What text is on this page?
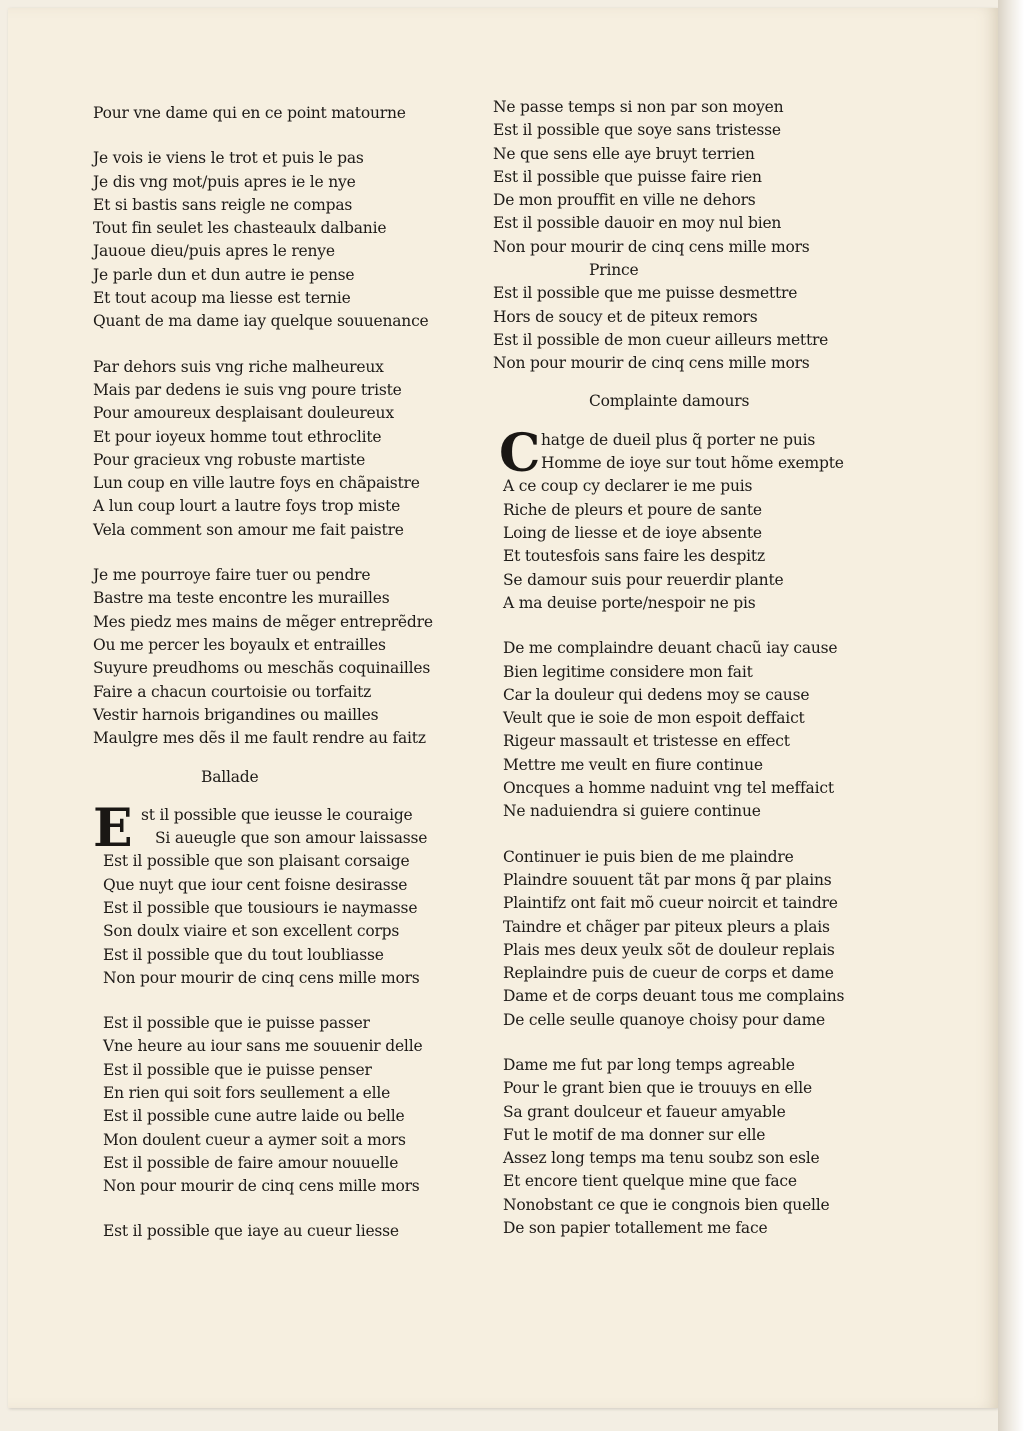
Pour vne dame qui en ce point matourne
Je vois ie viens le trot et puis le pas
Je dis vng mot/puis apres ie le nye
Et si bastis sans reigle ne compas
Tout fin seulet les chasteaulx dalbanie
Jauoue dieu/puis apres le renye
Je parle dun et dun autre ie pense
Et tout acoup ma liesse est ternie
Quant de ma dame iay quelque souuenance
Par dehors suis vng riche malheureux
Mais par dedens ie suis vng poure triste
Pour amoureux desplaisant douleureux
Et pour ioyeux homme tout ethroclite
Pour gracieux vng robuste martiste
Lun coup en ville lautre foys en chãpaistre
A lun coup lourt a lautre foys trop miste
Vela comment son amour me fait paistre
Je me pourroye faire tuer ou pendre
Bastre ma teste encontre les murailles
Mes piedz mes mains de mẽger entreprẽdre
Ou me percer les boyaulx et entrailles
Suyure preudhoms ou meschãs coquinailles
Faire a chacun courtoisie ou torfaitz
Vestir harnois brigandines ou mailles
Maulgre mes dẽs il me fault rendre au faitz
Ballade
E st il possible que ieusse le couraige
Si aueugle que son amour laissasse
Est il possible que son plaisant corsaige
Que nuyt que iour cent foisne desirasse
Est il possible que tousiours ie naymasse
Son doulx viaire et son excellent corps
Est il possible que du tout loubliasse
Non pour mourir de cinq cens mille mors
Est il possible que ie puisse passer
Vne heure au iour sans me souuenir delle
Est il possible que ie puisse penser
En rien qui soit fors seullement a elle
Est il possible cune autre laide ou belle
Mon doulent cueur a aymer soit a mors
Est il possible de faire amour nouuelle
Non pour mourir de cinq cens mille mors
Est il possible que iaye au cueur liesse
Ne passe temps si non par son moyen
Est il possible que soye sans tristesse
Ne que sens elle aye bruyt terrien
Est il possible que puisse faire rien
De mon prouffit en ville ne dehors
Est il possible dauoir en moy nul bien
Non pour mourir de cinq cens mille mors
Prince
Est il possible que me puisse desmettre
Hors de soucy et de piteux remors
Est il possible de mon cueur ailleurs mettre
Non pour mourir de cinq cens mille mors
Complainte damours
C hatge de dueil plus q̃ porter ne puis
Homme de ioye sur tout hõme exempte
A ce coup cy declarer ie me puis
Riche de pleurs et poure de sante
Loing de liesse et de ioye absente
Et toutesfois sans faire les despitz
Se damour suis pour reuerdir plante
A ma deuise porte/nespoir ne pis
De me complaindre deuant chacũ iay cause
Bien legitime considere mon fait
Car la douleur qui dedens moy se cause
Veult que ie soie de mon espoit deffaict
Rigeur massault et tristesse en effect
Mettre me veult en fiure continue
Oncques a homme naduint vng tel meffaict
Ne naduiendra si guiere continue
Continuer ie puis bien de me plaindre
Plaindre souuent tãt par mons q̃ par plains
Plaintifz ont fait mõ cueur noircit et taindre
Taindre et chãger par piteux pleurs a plais
Plais mes deux yeulx sõt de douleur replais
Replaindre puis de cueur de corps et dame
Dame et de corps deuant tous me complains
De celle seulle quanoye choisy pour dame
Dame me fut par long temps agreable
Pour le grant bien que ie trouuys en elle
Sa grant doulceur et faueur amyable
Fut le motif de ma donner sur elle
Assez long temps ma tenu soubz son esle
Et encore tient quelque mine que face
Nonobstant ce que ie congnois bien quelle
De son papier totallement me face
